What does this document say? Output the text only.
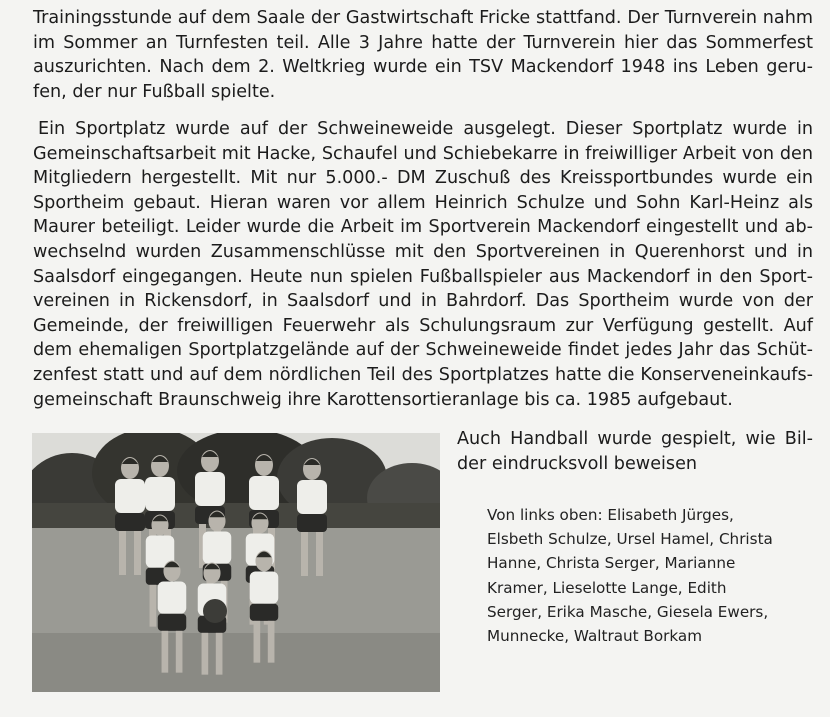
Trainingsstunde auf dem Saale der Gastwirtschaft Fricke stattfand. Der Turnverein nahm im Sommer an Turnfesten teil. Alle 3 Jahre hatte der Turnverein hier das Sommerfest auszurichten. Nach dem 2. Weltkrieg wurde ein TSV Mackendorf 1948 ins Leben gerufen, der nur Fußball spielte.

Ein Sportplatz wurde auf der Schweineweide ausgelegt. Dieser Sportplatz wurde in Gemeinschaftsarbeit mit Hacke, Schaufel und Schiebekarre in freiwilliger Arbeit von den Mitgliedern hergestellt. Mit nur 5.000.- DM Zuschuß des Kreissportbundes wurde ein Sportheim gebaut. Hieran waren vor allem Heinrich Schulze und Sohn Karl-Heinz als Maurer beteiligt. Leider wurde die Arbeit im Sportverein Mackendorf eingestellt und abwechselnd wurden Zusammenschlüsse mit den Sportvereinen in Querenhorst und in Saalsdorf eingegangen. Heute nun spielen Fußballspieler aus Mackendorf in den Sportvereinen in Rickensdorf, in Saalsdorf und in Bahrdorf. Das Sportheim wurde von der Gemeinde, der freiwilligen Feuerwehr als Schulungsraum zur Verfügung gestellt. Auf dem ehemaligen Sportplatzgelände auf der Schweineweide findet jedes Jahr das Schützenfest statt und auf dem nördlichen Teil des Sportplatzes hatte die Konserveneinkaufsgemeinschaft Braunschweig ihre Karottensortieranlage bis ca. 1985 aufgebaut.

Auch Handball wurde gespielt, wie Bilder eindrucksvoll beweisen

Von links oben: Elisabeth Jürges, Elsbeth Schulze, Ursel Hamel, Christa Hanne, Christa Serger, Marianne Kramer, Lieselotte Lange, Edith Serger, Erika Masche, Giesela Ewers, Munnecke, Waltraut Borkam
